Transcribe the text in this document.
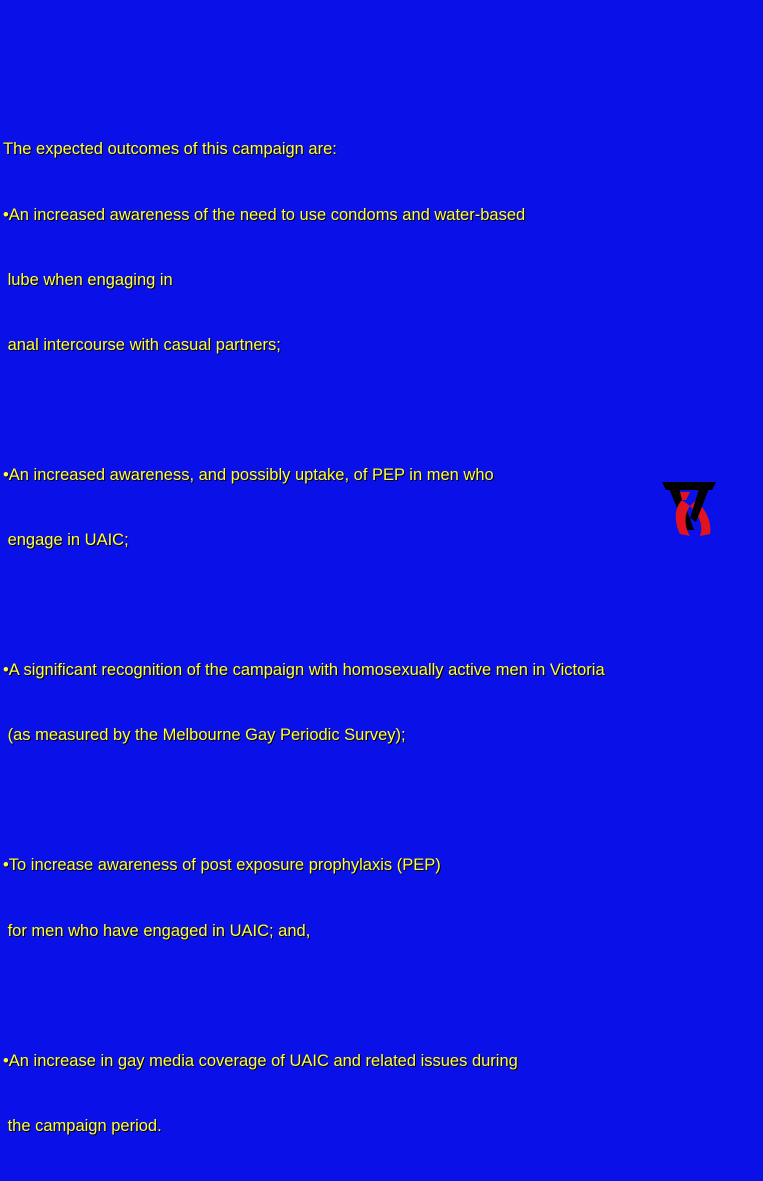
The expected outcomes of this campaign are:

•An increased awareness of the need to use condoms and water-based

lube when engaging in

anal intercourse with casual partners;

•An increased awareness, and possibly uptake, of PEP in men who

engage in UAIC;

•A significant recognition of the campaign with homosexually active men in Victoria

(as measured by the Melbourne Gay Periodic Survey);

•To increase awareness of post exposure prophylaxis (PEP)

for men who have engaged in UAIC; and,

•An increase in gay media coverage of UAIC and related issues during

the campaign period.
